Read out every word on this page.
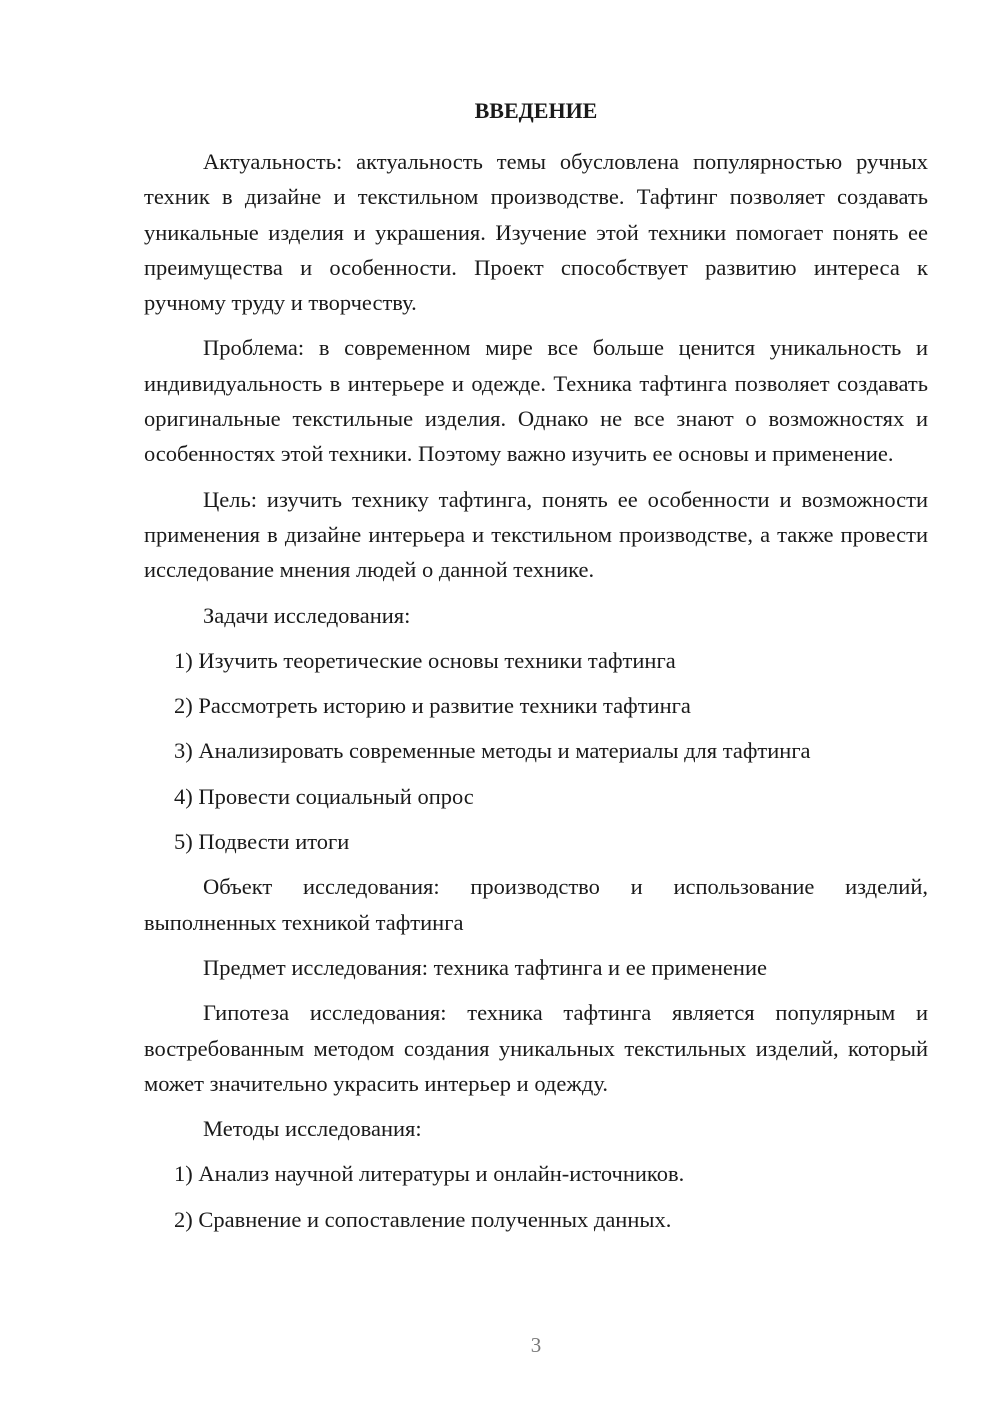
ВВЕДЕНИЕ

Актуальность: актуальность темы обусловлена популярностью ручных техник в дизайне и текстильном производстве. Тафтинг позволяет создавать уникальные изделия и украшения. Изучение этой техники помогает понять ее преимущества и особенности. Проект способствует развитию интереса к ручному труду и творчеству.

Проблема: в современном мире все больше ценится уникальность и индивидуальность в интерьере и одежде. Техника тафтинга позволяет создавать оригинальные текстильные изделия. Однако не все знают о возможностях и особенностях этой техники. Поэтому важно изучить ее основы и применение.

Цель: изучить технику тафтинга, понять ее особенности и возможности применения в дизайне интерьера и текстильном производстве, а также провести исследование мнения людей о данной технике.

Задачи исследования:
1) Изучить теоретические основы техники тафтинга
2) Рассмотреть историю и развитие техники тафтинга
3) Анализировать современные методы и материалы для тафтинга
4) Провести социальный опрос
5) Подвести итоги

Объект исследования: производство и использование изделий, выполненных техникой тафтинга

Предмет исследования: техника тафтинга и ее применение

Гипотеза исследования: техника тафтинга является популярным и востребованным методом создания уникальных текстильных изделий, который может значительно украсить интерьер и одежду.

Методы исследования:
1) Анализ научной литературы и онлайн-источников.
2) Сравнение и сопоставление полученных данных.
3
